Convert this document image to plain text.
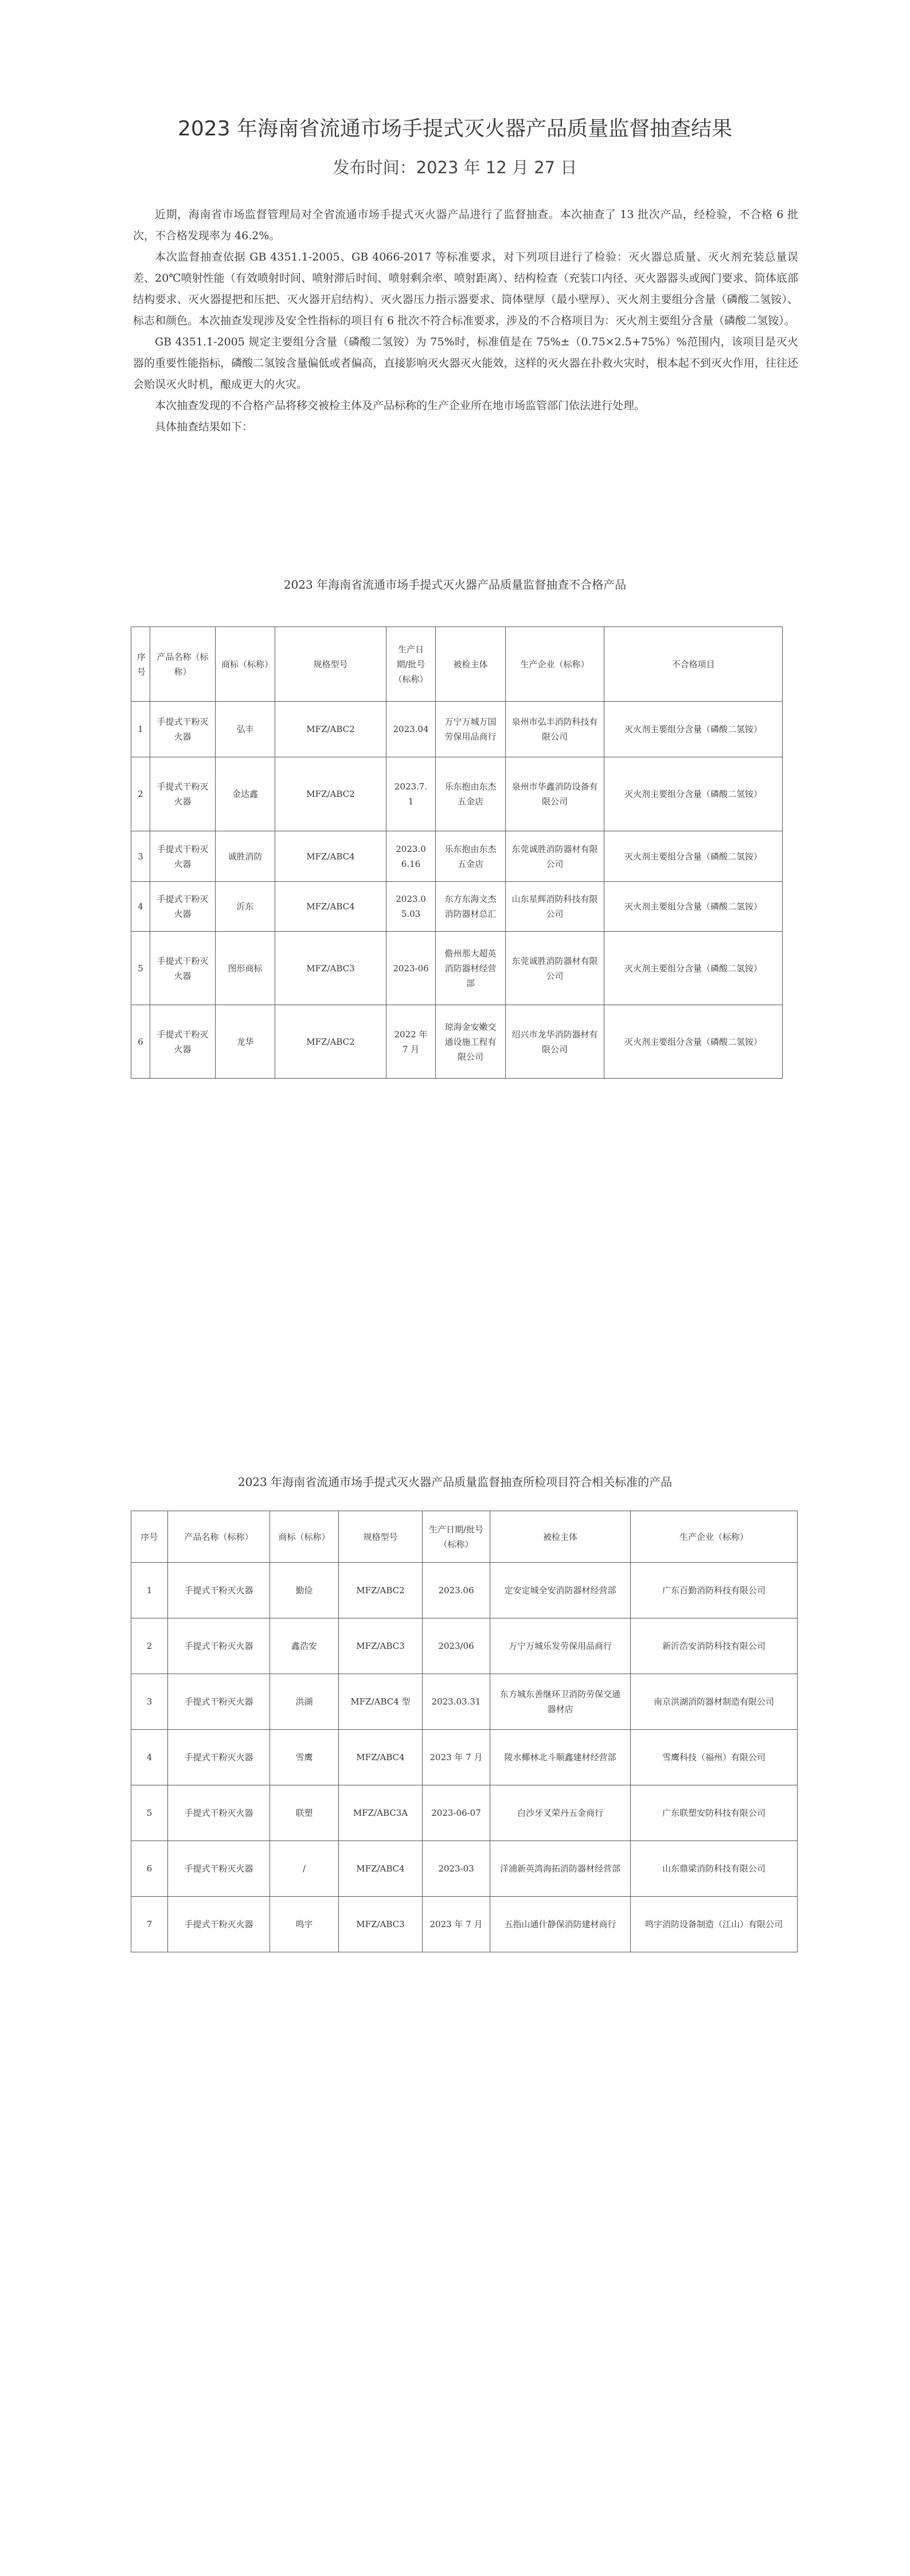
2023 年海南省流通市场手提式灭火器产品质量监督抽查结果
发布时间：2023 年 12 月 27 日

近期，海南省市场监督管理局对全省流通市场手提式灭火器产品进行了监督抽查。本次抽查了 13 批次产品，经检验，不合格 6 批次，不合格发现率为 46.2%。

本次监督抽查依据 GB 4351.1-2005、GB 4066-2017 等标准要求，对下列项目进行了检验：灭火器总质量、灭火剂充装总量误差、20℃喷射性能（有效喷射时间、喷射滞后时间、喷射剩余率、喷射距离）、结构检查（充装口内径、灭火器器头或阀门要求、筒体底部结构要求、灭火器提把和压把、灭火器开启结构）、灭火器压力指示器要求、筒体壁厚（最小壁厚）、灭火剂主要组分含量（磷酸二氢铵）、标志和颜色。本次抽查发现涉及安全性指标的项目有 6 批次不符合标准要求，涉及的不合格项目为：灭火剂主要组分含量（磷酸二氢铵）。

GB 4351.1-2005 规定主要组分含量（磷酸二氢铵）为 75%时，标准值是在 75%±（0.75×2.5+75%）%范围内，该项目是灭火器的重要性能指标，磷酸二氢铵含量偏低或者偏高，直接影响灭火器灭火能效，这样的灭火器在扑救火灾时，根本起不到灭火作用，往往还会贻误灭火时机，酿成更大的火灾。

本次抽查发现的不合格产品将移交被检主体及产品标称的生产企业所在地市场监管部门依法进行处理。

具体抽查结果如下：

2023 年海南省流通市场手提式灭火器产品质量监督抽查不合格产品
序号	产品名称（标称）	商标（标称）	规格型号	生产日期/批号（标称）	被检主体	生产企业（标称）	不合格项目
1	手提式干粉灭火器	弘丰	MFZ/ABC2	2023.04	万宁万城万国劳保用品商行	泉州市弘丰消防科技有限公司	灭火剂主要组分含量（磷酸二氢铵）
2	手提式干粉灭火器	金达鑫	MFZ/ABC2	2023.7.1	乐东抱由东杰五金店	泉州市华鑫消防设备有限公司	灭火剂主要组分含量（磷酸二氢铵）
3	手提式干粉灭火器	诚胜消防	MFZ/ABC4	2023.06.16	乐东抱由东杰五金店	东莞诚胜消防器材有限公司	灭火剂主要组分含量（磷酸二氢铵）
4	手提式干粉灭火器	沂东	MFZ/ABC4	2023.05.03	东方东海文杰消防器材总汇	山东星辉消防科技有限公司	灭火剂主要组分含量（磷酸二氢铵）
5	手提式干粉灭火器	图形商标	MFZ/ABC3	2023-06	儋州那大超英消防器材经营部	东莞诚胜消防器材有限公司	灭火剂主要组分含量（磷酸二氢铵）
6	手提式干粉灭火器	龙华	MFZ/ABC2	2022 年 7 月	琼海金安嫩交通设施工程有限公司	绍兴市龙华消防器材有限公司	灭火剂主要组分含量（磷酸二氢铵）
2023 年海南省流通市场手提式灭火器产品质量监督抽查所检项目符合相关标准的产品
序号	产品名称（标称）	商标（标称）	规格型号	生产日期/批号（标称）	被检主体	生产企业（标称）
1	手提式干粉灭火器	勤俭	MFZ/ABC2	2023.06	定安定城全安消防器材经营部	广东百勤消防科技有限公司
2	手提式干粉灭火器	鑫浩安	MFZ/ABC3	2023/06	万宁万城乐发劳保用品商行	新沂浩安消防科技有限公司
3	手提式干粉灭火器	洪湖	MFZ/ABC4 型	2023.03.31	东方城东善继环卫消防劳保交通器材店	南京洪湖消防器材制造有限公司
4	手提式干粉灭火器	雪鹰	MFZ/ABC4	2023 年 7 月	陵水椰林北斗顺鑫建材经营部	雪鹰科技（福州）有限公司
5	手提式干粉灭火器	联塑	MFZ/ABC3A	2023-06-07	白沙牙叉荣丹五金商行	广东联塑安防科技有限公司
6	手提式干粉灭火器	/	MFZ/ABC4	2023-03	洋浦新英湾海拓消防器材经营部	山东鼎梁消防科技有限公司
7	手提式干粉灭火器	鸣宇	MFZ/ABC3	2023 年 7 月	五指山通什静保消防建材商行	鸣宇消防设备制造（江山）有限公司
